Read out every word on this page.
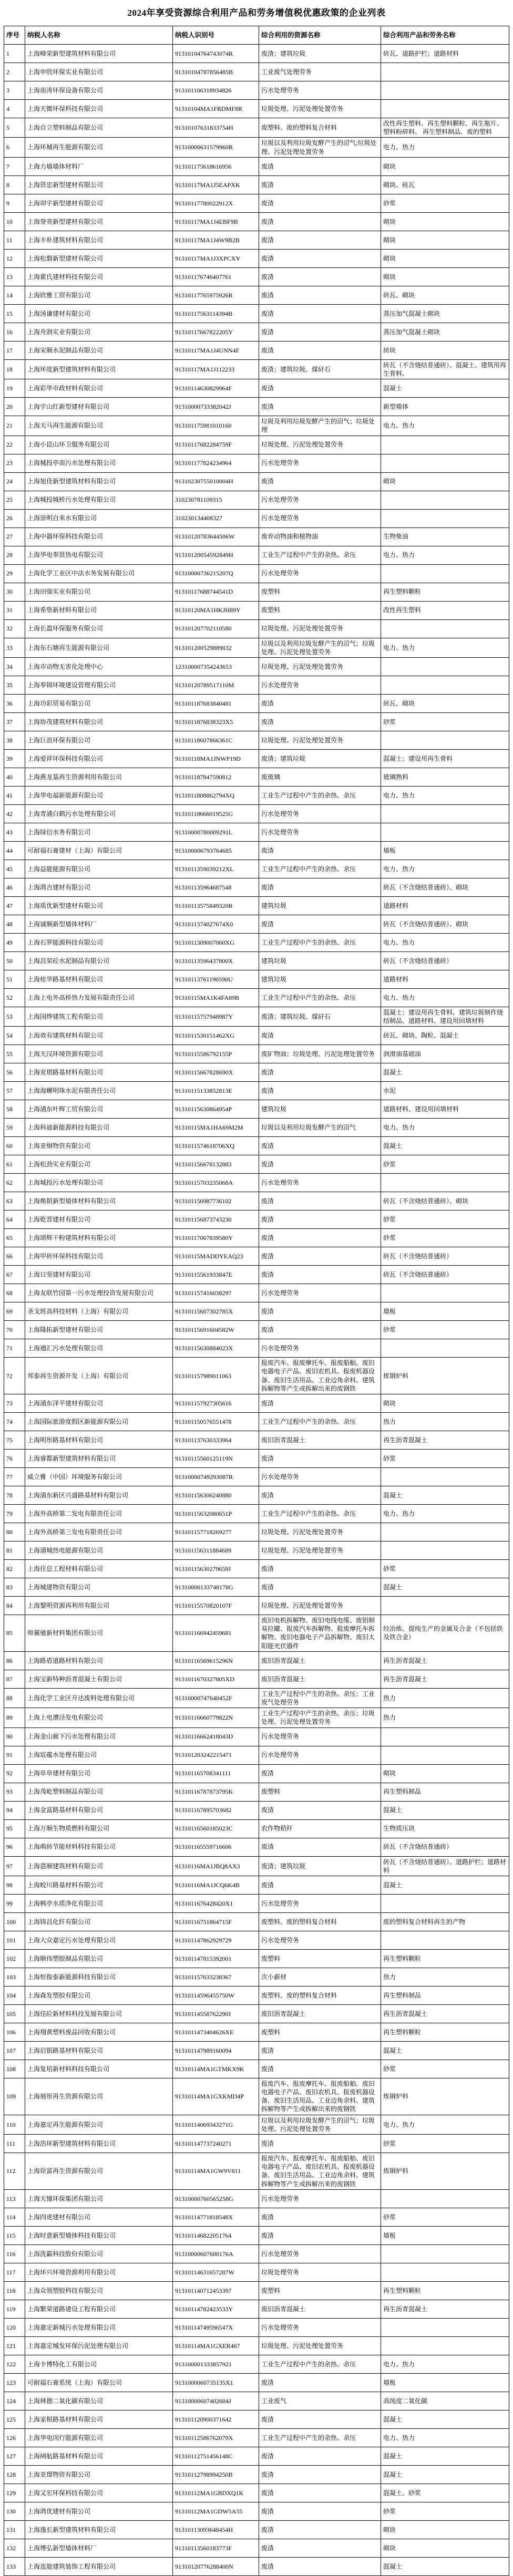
2024年享受资源综合利用产品和劳务增值税优惠政策的企业列表
序号	纳税人名称	纳税人识别号	综合利用的资源名称	综合利用产品和劳务名称
1	上海峰荣新型建筑材料有限公司	91310104764743074R	废渣；建筑垃圾	砖瓦、道路护栏；道路材料
2	上海申欣环保实业有限公司	91310104787856485B	工业废气处理劳务	
3	上海南涛环保设备有限公司	913101106318934826	污水处理劳务	
4	上海天微环保科技有限公司	91310104MA1FRDMF8R	垃圾处理、污泥处理处置劳务	
5	上海自立塑料制品有限公司	91310107631833754H	废塑料、废的塑料复合材料	改性再生塑料、再生塑料颗粒、再生瓶片、塑料粉碎料、 再生塑料制品、废的塑料
6	上海环城再生能源有限公司	91310000631579960R	垃圾以及利用垃圾发酵产生的沼气;垃圾处理、污泥处理处置劳务	电力、热力
7	上海力墙墙体材料厂	913101175618616956	废渣	砌块
8	上海资忠新型建材有限公司	91310117MA1J5EAPXK	废渣	砌块、砖瓦
9	上海卯宇新型建材有限公司	91310117780022912X	废渣	砂浆
10	上海誉亮新型建材有限公司	91310117MA1J4EBF9B	废渣	砌块
11	上海丰朴建筑材料有限公司	91310117MA1J4W9B2B	废渣	砌块
12	上海松磐新型建材有限公司	91310117MA1J3XPCXY	废渣	砌块
13	上海翟氏建材科技有限公司	913101176746407761	废渣	砌块
14	上海欣雅工贸有限公司	91310117765975926R	废渣	砖瓦、砌块
15	上海汤谦建材有限公司	91310117563114394B	废渣	蒸压加气混凝土砌块
16	上海舟润实业有限公司	91310117667822205Y	废渣	蒸压加气混凝土砌块
17	上海宋顺水泥制品有限公司	91310117MA1J4UNN4F	废渣	砖块
18	上海环度新型建筑材料有限公司	91310117MA1J112233	废渣；建筑垃圾、煤矸石	砖瓦（不含烧结普通砖）、混凝土、建筑用再生骨料、
19	上海彩华市政材料有限公司	91310114630829964F	废渣	混凝土
20	上海宇山红新型建材有限公司	91310000733382042J	废渣	新型墙体
21	上海天马再生能源有限公司	913101175981010160	垃圾及利用垃圾发酵产生的沼气；垃圾处理	电力、热力
22	上海小昆山环卫服务有限公司	91310117682284759F	垃圾处理、污泥处理处置劳务	
23	上海城投亭南污水处理有限公司	913101177824234964	污水处理劳务	
24	上海旭佳新型建筑材料有限公司	91310230755010004H	废渣	砌块
25	上海城投城桥污水处理有限公司	310230781109315	污水处理劳务	
26	上海崇明自来水有限公司	310230134408327	污水处理劳务	
27	上海中器环保科技有限公司	91310120783644506W	废弃动物油和植物油	生物柴油
28	上海华电奉贤热电有限公司	91310120054592849H	工业生产过程中产生的余热、余压	电力、热力
29	上海化学工业区中法水务发展有限公司	91310000736215207Q	污水处理劳务	
30	上海田强实业有限公司	91310117688744541D	废塑料	再生塑料颗粒
31	上海希垫新材料有限公司	91310120MA1HKJH89Y	废塑料	改性再生塑料
32	上海长盈环保服务有限公司	913101207702110580	垃圾处理、污泥处理处置劳务	
33	上海东石塘再生能源有限公司	913101200529889032	垃圾以及利用垃圾发酵产生的沼气；垃圾处理、污泥处理处置劳务	电力、热力
34	上海市动物无害化处理中心	123100007354243653	垃圾处理、污泥处理处置劳务	
35	上海奉锦环境建设管理有限公司	91310120789517110M	污水处理劳务	
36	上海功彩贸易有限公司	913101187683840481	废渣	砖瓦、砌块
37	上海协茂建筑材料有限公司	9131011876838323X5	废渣	砂浆
38	上海巨浪环保有限公司	91310118607866361C	垃圾处理、污泥处理处置劳务	
39	上海爱祥环保科技有限公司	91310118MA1JNWP19D	废渣；建筑垃圾	混凝土；建设用再生骨料
40	上海燕龙基再生资源利用有限公司	913101187847590812	废玻璃	玻璃熟料
41	上海华电福新能源有限公司	9131011808862794XQ	工业生产过程中产生的余热、余压	电力、热力
42	上海青浦白鹤污水处理有限公司	91310118666019525G	污水处理劳务	
43	上海绿衍水务有限公司	91310000780009291L	污水处理劳务	
44	可耐福石膏建材（上海）有限公司	913100006793764685	废渣	墙板
45	上海益能能源有限公司	9131011359039212XL	工业生产过程中产生的余热、余压	电力、热力
46	上海鸿吉建材有限公司	913101135964687548	废渣	砖瓦（不含烧结普通砖）、砌块
47	上海质优新型建材有限公司	91310113575849320R	建筑垃圾	道路材料
48	上海诚顺新型墙体材料厂	9131011374027674X0	废渣	砖瓦（不含烧结普通砖）、砌块
49	上海石罗能源科技有限公司	9131011309007060XG	工业生产过程中产生的余热、余压	电力、热力
50	上海昌荣砼水泥制品有限公司	91310113596437800X	建筑垃圾	砖瓦（不含烧结普通砖）
51	上海桂华路基材料有限公司	91310113761190590U	建筑垃圾	道路材料
52	上海上电外高桥热力发展有限责任公司	91310115MA1K4FA89B	工业生产过程中产生的余热、余压	电力、热力
53	上海国烨建筑工程有限公司	91310115757948987Y	废渣；建筑垃圾、煤矸石	混凝土；建设用再生骨料、建筑垃圾制作烧结制品、道路材料、建设用回填材料
54	上海效有建筑材料有限公司	9131011530151462XG	废渣	砖瓦、砌块、陶粒、混凝土
55	上海天汉环境资源有限公司	91310115586792155P	废矿物油；垃圾处理、污泥处理处置劳务	润滑油基础油
56	上海亚珺路基材料有限公司	91310115667828690X	废渣	混凝土
57	上海海螺明珠水泥有限责任公司	91310115133852813E	废渣	水泥
58	上海浦东叶辉工贸有限公司	91310115630864954P	建筑垃圾	道路材料、建设用回填材料
59	上海科迪新能源科技有限公司	91310115MA1HA69M2M	垃圾以及利用垃圾发酵产生的沼气	电力、热力
60	上海亚炯物资有限公司	9131011574618706XQ	废渣	混凝土
61	上海松劲实业有限公司	913101156678132883	废渣	砂浆
62	上海城投污水处理有限公司	91310115703235068A	污水处理劳务	
63	上海焕银新型墙体材料有限公司	913101156987736102	废渣	砖瓦（不含烧结普通砖）、砌块
64	上海乾晋建材有限公司	913101156873743230	废渣	砂浆
65	上海颂辉干粉建筑材料有限公司	91310117067839580Y	废渣	砂浆
66	上海甲砖环保科技有限公司	91310115MADDYEAQ23	废渣	砖瓦（不含烧结普通砖）
67	上海日坚建材有限公司	91310115561933847E	废渣	砖瓦（不含烧结普通砖）
68	上海友联竹园第一污水处理投资发展有限公司	913101157416038297	污水处理劳务	
69	圣戈班高科技材料（上海）有限公司	91310115607302785X	废渣	墙板
70	上海隆拓新型建材有限公司	91310115691604582W	废渣	砂浆
71	上海通汇污水处理有限公司	91310115630884023X	污水处理劳务	
72	邦泰再生资源开发（上海）有限公司	913101157989011063	报废汽车、报废摩托车、报废船舶、废旧电器电子产品、废旧农机具、报废机器设备、废旧生活用品、工业边角余料、建筑拆解物等产生或拆解出来的废钢铁	炼钢炉料
73	上海浦东泽平建材有限公司	913101157927305616	废渣	砌块
74	上海国际旅游度假区新能源有限公司	913101150576551478	工业生产过程中产生的余热、余压	热力
75	上海明彤路基材料有限公司	913101137630333964	废旧沥青混凝土	再生沥青混凝土
76	上海睿都新型建筑材料有限公司	91310115560125119N	废渣	砂浆
77	威立雅（中国）环境服务有限公司	91310000749293087R	污水处理劳务	
78	上海浦东新区兴盛路基材料有限公司	913101156306240880	废渣	混凝土
79	上海外高桥第二发电有限责任公司	91310115632080651P	工业生产过程中产生的余热、余压	电力、热力
80	上海外高桥第三发电有限责任公司	913101157718269277	垃圾处理、污泥处理处置劳务	
81	上海浦城热电能源有限公司	913101156311884689	垃圾处理、污泥处理处置劳务	
82	上海住总工程材料有限公司	91310115630279659J	废渣	砂浆
83	上海城建物资有限公司	91310000133748178G	废渣	混凝土
84	上海黎明资源再利用有限公司	91310115570820107F	垃圾处理、污泥处理处置劳务	
85	帅翼驰新材料集团有限公司	913101166942459681	废旧电机拆解物、废旧电线电缆、废铝制易拉罐、报废汽车拆解物、报废摩托车拆解物、废旧电器电子产品拆解物、废旧太阳能光伏器件	经冶炼、提纯生产的金属及合金（不包括铁及铁合金）
86	上海路盾道路材料有限公司	91310116569615296N	废旧沥青混凝土	再生沥青混凝土
87	上海宝新特种沥青混凝土有限公司	9131011670327805XD	废旧沥青混凝土	再生沥青混凝土
88	上海化学工业区升达废料处理有限公司	91310000747640452F	工业生产过程中产生的余热、余压；工业废气处理劳务	热力
89	上海上电漕泾发电有限公司	91310116660779822N	工业生产过程中产生的余热、余压；垃圾处理、污泥处理处置劳务	热力
90	上海金山廊下污水处理有限公司	91310116662418043D	污水处理劳务	
91	上海宸蕴水处理有限公司	913101203242215471	污水处理劳务	
92	上海阜阜建材有限公司	913101165708341111	废渣	砌块
93	上海茂屹塑料制品有限公司	91310116787873795K	废塑料	再生塑料制品
94	上海金富路基材料有限公司	913101167895703682	废渣	混凝土
95	上海万顺生物质燃料有限公司	91310116560185023C	农作物秸秆	生物质压块
96	上海萌砖节能材料科技有限公司	913101165559716606	废渣	砖瓦（不含烧结普通砖）
97	上海恩顺建筑材料有限公司	91310116MA1JBQ8AX3	废渣；建筑垃圾	砖瓦（不含烧结普通砖）、道路护栏；道路材料
98	上海蛟川路基材料有限公司	91310116MA1JCQ6K4B	废渣	混凝土
99	上海枫亭水质净化有限公司	9131011676428420X1	污水处理劳务	
100	上海铸昌化纤有限公司	91310116751864715F	废塑料、废的塑料复合材料	废的塑料复合材料再生的产物
101	上海大众嘉定污水处理有限公司	913101147862929729	污水处理劳务	
102	上海顺伟塑胶制品有限公司	913101147815392001	废塑料	再生塑料颗粒
103	上海恒俊泰新能源科技有限公司	913101157633238367	次小薪材	热力
104	上海森发塑胶有限公司	91310114596455750W	废塑料、废的塑料复合材料	再生塑料制品
105	上海佳砼新材料科技发展有限公司	91310114558762290J	废旧沥青混凝土	再生沥青混凝土
106	上海翔黄塑料废品回收有限公司	9131011473404626XE	废塑料	再生塑料颗粒
107	上海启银路基材料有限公司	913101147989160094	废渣	混凝土
108	上海复培新材料科技有限公司	91310114MA1GTMKX9K	废渣	砂浆
109	上海展彤再生资源有限公司	91310114MA1GXKMD4P	报废汽车、报废摩托车、报废船舶、废旧电器电子产品、废旧农机具、报废机器设备、废旧生活用品、工业边角余料、建筑拆解物等产生或拆解出来的废钢铁	炼钢炉料
110	上海嘉定再生能源有限公司	91310114069343271G	垃圾以及利用垃圾发酵产生的沼气；垃圾处理、污泥处理处置劳务	电力、热力
111	上海浩环新型建筑材料有限公司	913101147737240271	废渣	砂浆
112	上海铨富再生资源有限公司	91310114MA1GW9V811	报废汽车、报废摩托车、报废船舶、废旧电器电子产品、废旧农机具、报废机器设备、废旧生活用品、工业边角余料、建筑拆解物等产生或拆解出来的废钢铁	炼钢炉料
113	上海天憧环保集团有限公司	91310000760565258G	污水处理劳务	
114	上海四虎建材有限公司	91310114771818548X	废渣	砂浆
115	上海时意新型墙体科技有限公司	913101146822051764	废渣	墙板
116	上海洗霸科技股份有限公司	91310000607600176A	污水处理劳务	
117	上海环兴环境资源利用有限公司	91310114631657287W	垃圾处理劳务	
118	上海众领塑胶科技有限公司	913101140712453397	废塑料	再生塑料颗粒
119	上海繁荣道路建设工程有限公司	91310114782423533Y	废旧沥青混凝土	再生沥青混凝土
120	上海嘉定新城污水处理有限公司	91310114749596547X	污水处理劳务	
121	上海嘉定城发环保污泥处理有限公司	91310114MA1GXER467	垃圾处理、污泥处理处置劳务	
122	上海卡博特化工有限公司	913100001333857921	工业生产过程中产生的余热、余压	电力、热力
123	可耐福石膏系统（上海）有限公司	9131000060735135X1	废渣	墙板
124	上海林德二氧化碳有限公司	91310000607402604J	工业废气	高纯度二氧化碳
125	上海家根路基材料有限公司	913101120900371642	废渣	混凝土
126	上海华电闵行能源有限公司	91310112586762079X	工业生产过程中产生的余热、余压	电力、热力
127	上海闸航路基材料有限公司	91310112751456148C	废渣	混凝土
128	上海亚璟物资有限公司	91310112798994250B	废渣	混凝土
129	上海又宏环保科技有限公司	91310112MA1GBDXQ1K	废渣	混凝土、砂浆
130	上海鸿优建材有限公司	91310112MA1GDW5A55	废渣	砂浆
131	上海逸长新型建筑材料有限公司	91310113093648454H	废渣	砌块
132	上海博弘新型墙体材料厂	91310113560183773F	废渣	砌块
133	上海连能建筑装饰工程有限公司	91310120776288400N	废渣	混凝土
